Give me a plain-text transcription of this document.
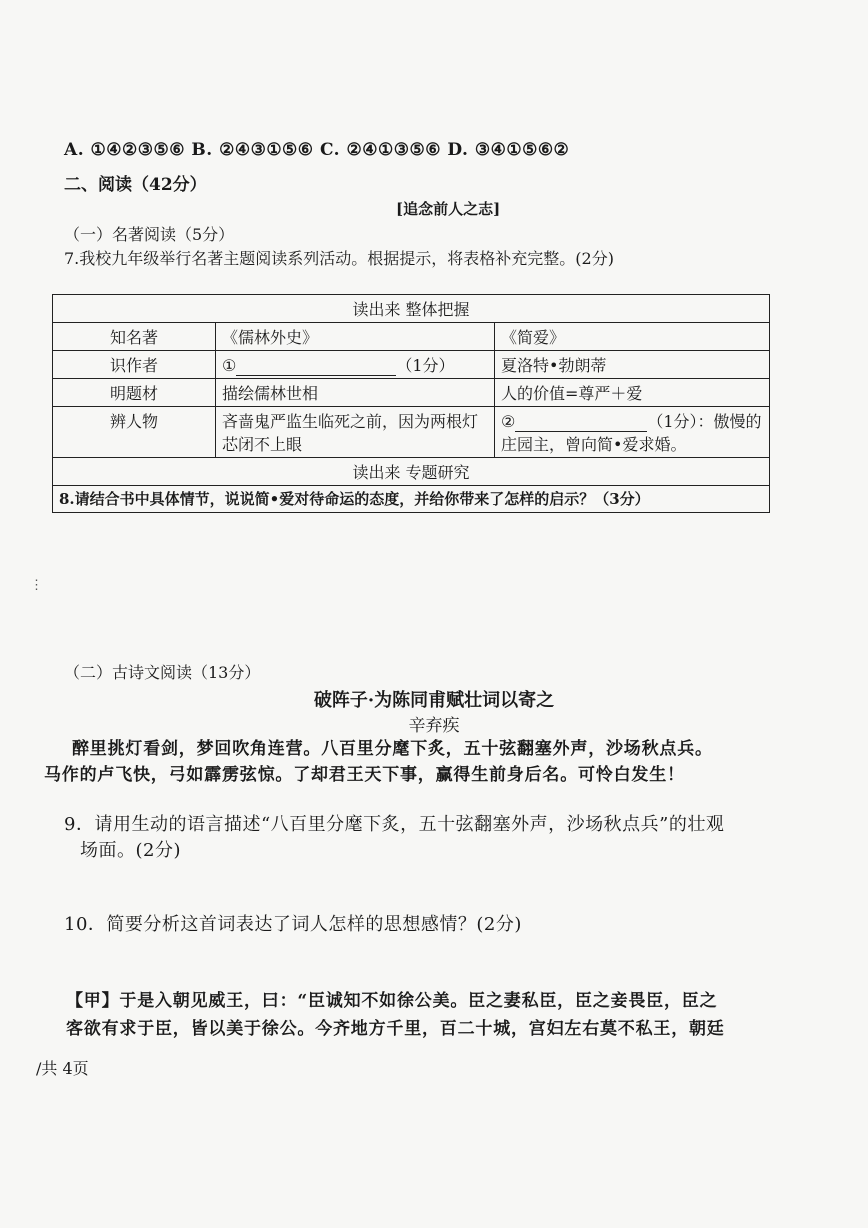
A. ①④②③⑤⑥ B. ②④③①⑤⑥ C. ②④①③⑤⑥ D. ③④①⑤⑥②
二、阅读（42分）
[追念前人之志]
（一）名著阅读（5分）
7.我校九年级举行名著主题阅读系列活动。根据提示，将表格补充完整。(2分)
读出来 整体把握		
知名著	《儒林外史》	《简爱》
识作者	① （1分）	夏洛特•勃朗蒂
明题材	描绘儒林世相	人的价值=尊严＋爱
辨人物	吝啬鬼严监生临死之前，因为两根灯芯闭不上眼	② （1分）：傲慢的庄园主，曾向简•爱求婚。
读出来 专题研究		
8.请结合书中具体情节，说说简•爱对待命运的态度，并给你带来了怎样的启示？（3分）		
⋮
（二）古诗文阅读（13分）
破阵子·为陈同甫赋壮词以寄之
辛弃疾
醉里挑灯看剑，梦回吹角连营。八百里分麾下炙，五十弦翻塞外声，沙场秋点兵。
马作的卢飞快，弓如霹雳弦惊。了却君王天下事，赢得生前身后名。可怜白发生！
9．请用生动的语言描述“八百里分麾下炙，五十弦翻塞外声，沙场秋点兵”的壮观
场面。(2分)
10．简要分析这首词表达了词人怎样的思想感情？(2分)
【甲】于是入朝见威王，曰：“臣诚知不如徐公美。臣之妻私臣，臣之妾畏臣，臣之
客欲有求于臣，皆以美于徐公。今齐地方千里，百二十城，宫妇左右莫不私王，朝廷
/共 4页
